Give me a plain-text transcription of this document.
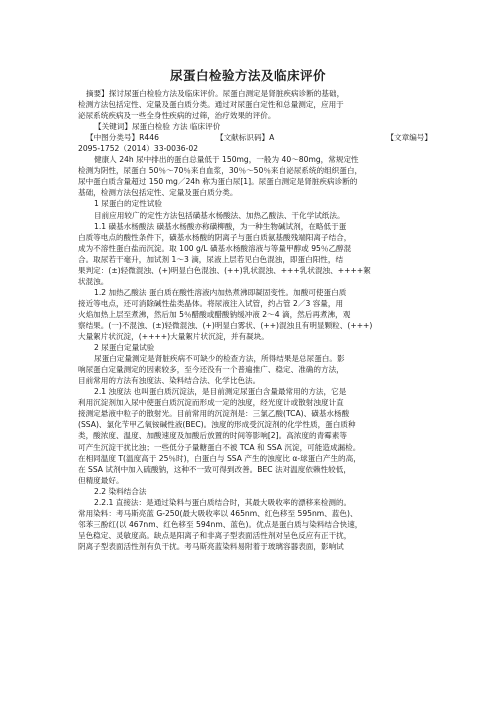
尿蛋白检验方法及临床评价
摘要】探讨尿蛋白检验方法及临床评价。尿蛋白测定是肾脏疾病诊断的基础，
检测方法包括定性、定量及蛋白质分类。通过对尿蛋白定性和总量测定，应用于
泌尿系统疾病及一些全身性疾病的过筛，治疗效果的评价。
【关键词】尿蛋白检验 方法 临床评价
【中图分类号】R446	【文献标识码】A	【文章编号】
2095-1752（2014）33-0036-02
健康人 24h 尿中排出的蛋白总量低于 150mg，一般为 40～80mg，常规定性
检测为阴性，尿蛋白 50％～70％来自血浆，30％～50％来自泌尿系统的组织蛋白，
尿中蛋白质含量超过 150 mg／24h 称为蛋白尿[1]。尿蛋白测定是肾脏疾病诊断的
基础，检测方法包括定性、定量及蛋白质分类。
1 尿蛋白的定性试验
目前应用较广的定性方法包括磺基水杨酸法、加热乙酸法、干化学试纸法。
1.1 磺基水杨酸法 磺基水杨酸亦称磺柳酸，为一种生物碱试剂，在略低于蛋
白质等电点的酸性条件下，磺基水杨酸的阴离子与蛋白质氨基酸残端阳离子结合，
成为不溶性蛋白盐而沉淀。取 100 g/L 磺基水杨酸溶液与等量甲醇或 95％乙醇混
合。取尿若干毫升，加试剂 1～3 滴，尿液上层若见白色混浊，即蛋白阳性，结
果判定：(±)轻微混浊、(+)明显白色混浊、(++)乳状混浊、+++乳状混浊、++++絮
状混浊。
1.2 加热乙酸法 蛋白质在酸性溶液内加热煮沸即凝固变性。加酸可使蛋白质
接近等电点，还可消除碱性盐类晶体。将尿液注入试管，约占管 2／3 容量，用
火焰加热上层至煮沸，然后加 5％醋酸或醋酸钠缓冲液 2～4 滴，然后再煮沸，观
察结果。(一)不混浊、(±)轻微混浊、(+)明显白雾状、(++)混浊且有明显颗粒、(+++)
大量絮片状沉淀，(++++)大量絮片状沉淀，并有凝块。
2 尿蛋白定量试验
尿蛋白定量测定是肾脏疾病不可缺少的检查方法，所得结果是总尿蛋白。影
响尿蛋白定量测定的因素较多，至今还没有一个普遍推广、稳定、准确的方法，
目前常用的方法有浊度法、染料结合法、化学比色法。
2.1 浊度法 也叫蛋白质沉淀法，是目前测定尿蛋白含量最常用的方法，它是
利用沉淀剂加入尿中使蛋白质沉淀而形成一定的浊度，经光度计或散射浊度计直
接测定悬液中粒子的散射光。目前常用的沉淀剂是：三氯乙酸(TCA)、磺基水杨酸
(SSA)、氯化苄甲乙氧铵碱性液(BEC)。浊度的形成受沉淀剂的化学性质，蛋白质种
类，酸浓度、温度、加酸速度及加酸后放置的时间等影响[2]。高浓度的青霉素等
可产生沉淀干扰比浊；一些低分子量糖蛋白不被 TCA 和 SSA 沉淀，可能造成漏检。
在相同温度 T(温度高于 25％时)，白蛋白与 SSA 产生的浊度比 α-球蛋白产生的高，
在 SSA 试剂中加入硫酸钠，这种不一致可得到改善。BEC 法对温度依赖性较低，
但精度最好。
2.2 染料结合法
2.2.1 直接法：是通过染料与蛋白质结合时，其最大吸收率的漂移来检测的。
常用染料：考马斯亮蓝 G-250(最大吸收率以 465nm、红色移至 595nm、蓝色)、
邻苯三酚红(以 467nm、红色移至 594nm、蓝色)。优点是蛋白质与染料结合快速，
呈色稳定、灵敏度高。缺点是阳离子和非离子型表面活性剂对呈色反应有正干扰，
阴离子型表面活性剂有负干扰。考马斯亮蓝染料易附着于玻璃容器表面，影响试
